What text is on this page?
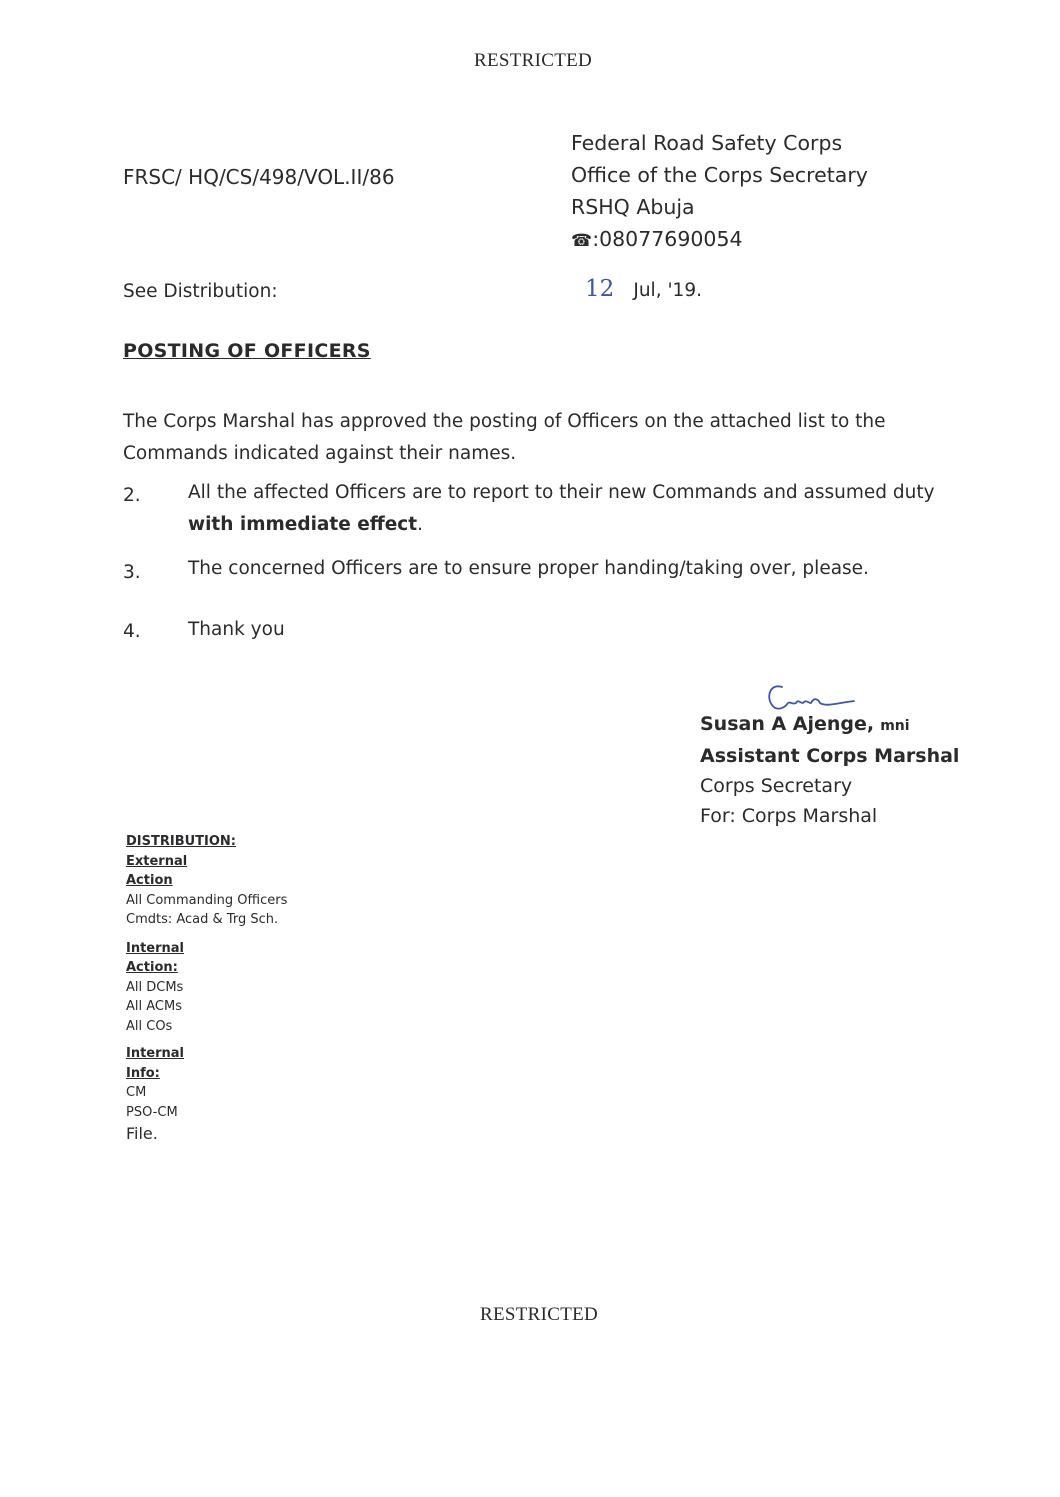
RESTRICTED
FRSC/ HQ/CS/498/VOL.II/86
Federal Road Safety Corps
Office of the Corps Secretary
RSHQ Abuja
☎:08077690054
See Distribution:	12 Jul, '19.
POSTING OF OFFICERS

The Corps Marshal has approved the posting of Officers on the attached list to the Commands indicated against their names.

2.	All the affected Officers are to report to their new Commands and assumed duty with immediate effect.

3.	The concerned Officers are to ensure proper handing/taking over, please.

4.	Thank you

Susan A Ajenge, mni
Assistant Corps Marshal
Corps Secretary
For: Corps Marshal
DISTRIBUTION:
External
Action
All Commanding Officers
Cmdts: Acad & Trg Sch.
Internal
Action:
All DCMs
All ACMs
All COs
Internal
Info:
CM
PSO-CM
File.
RESTRICTED
